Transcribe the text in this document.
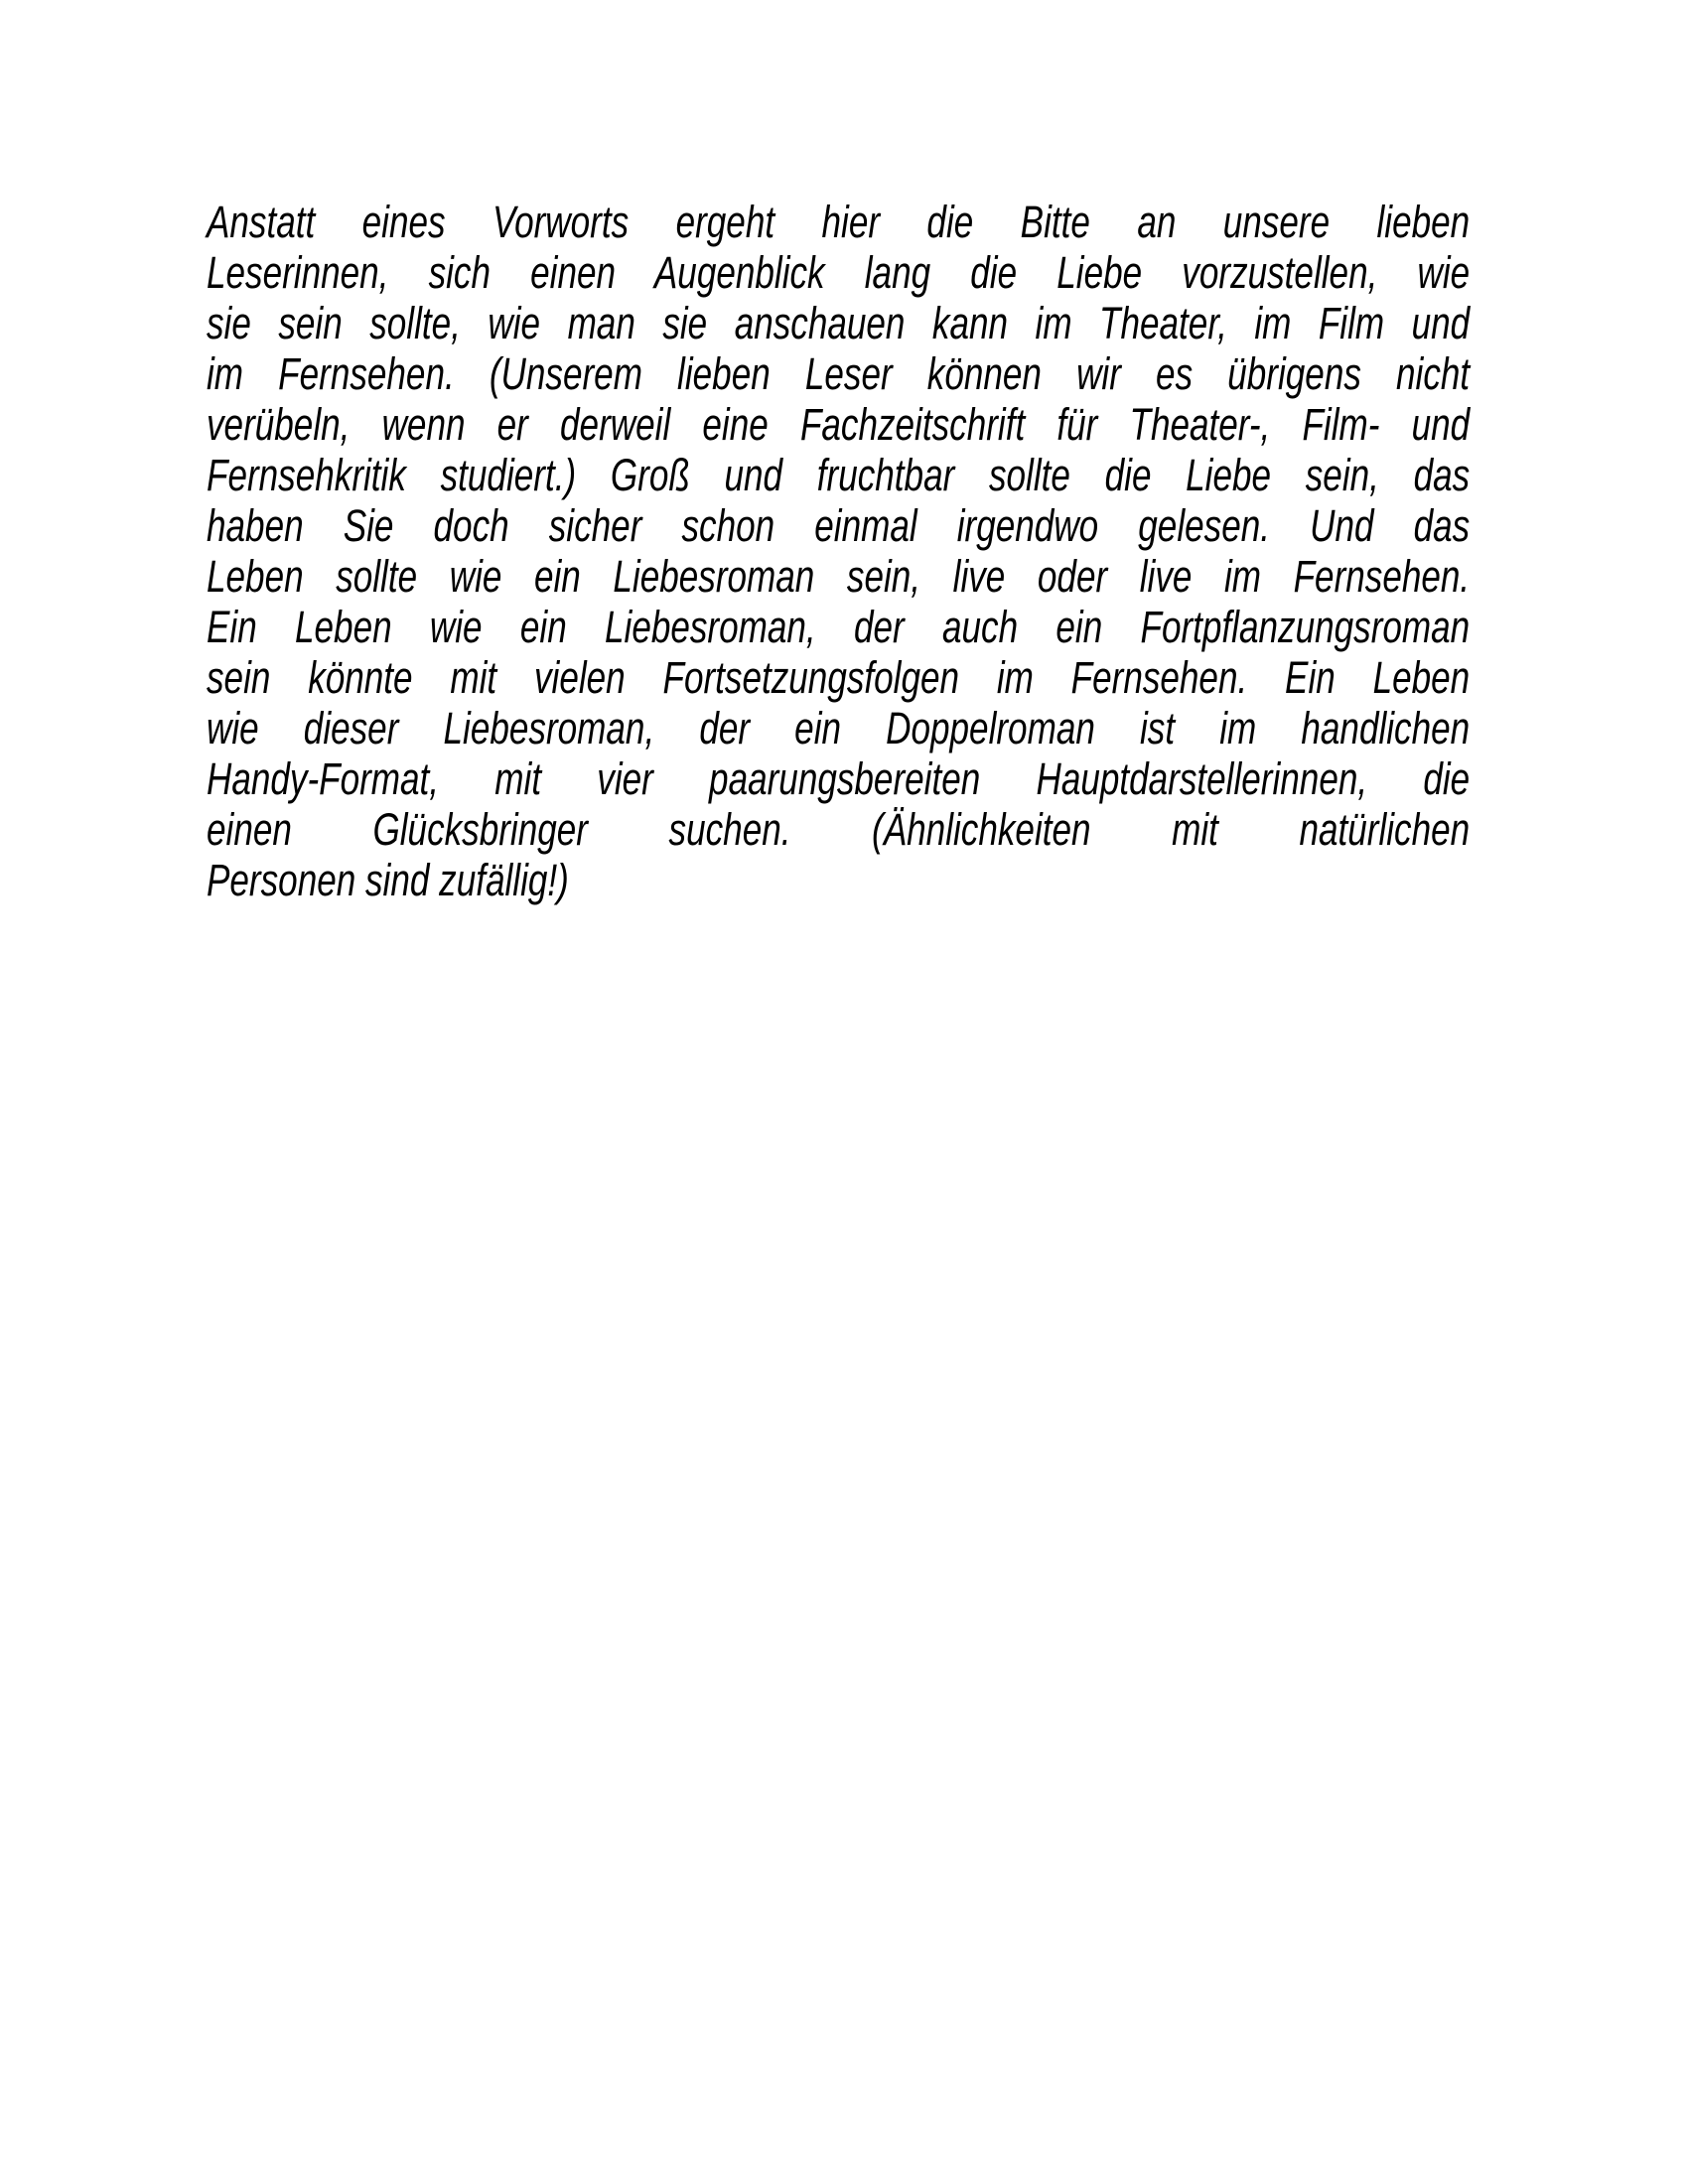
Anstatt eines Vorworts ergeht hier die Bitte an unsere lieben
Leserinnen, sich einen Augenblick lang die Liebe vorzustellen, wie
sie sein sollte, wie man sie anschauen kann im Theater, im Film und
im Fernsehen. (Unserem lieben Leser können wir es übrigens nicht
verübeln, wenn er derweil eine Fachzeitschrift für Theater-, Film- und
Fernsehkritik studiert.) Groß und fruchtbar sollte die Liebe sein, das
haben Sie doch sicher schon einmal irgendwo gelesen. Und das
Leben sollte wie ein Liebesroman sein, live oder live im Fernsehen.
Ein Leben wie ein Liebesroman, der auch ein Fortpflanzungsroman
sein könnte mit vielen Fortsetzungsfolgen im Fernsehen. Ein Leben
wie dieser Liebesroman, der ein Doppelroman ist im handlichen
Handy-Format, mit vier paarungsbereiten Hauptdarstellerinnen, die
einen Glücksbringer suchen. (Ähnlichkeiten mit natürlichen
Personen sind zufällig!)
